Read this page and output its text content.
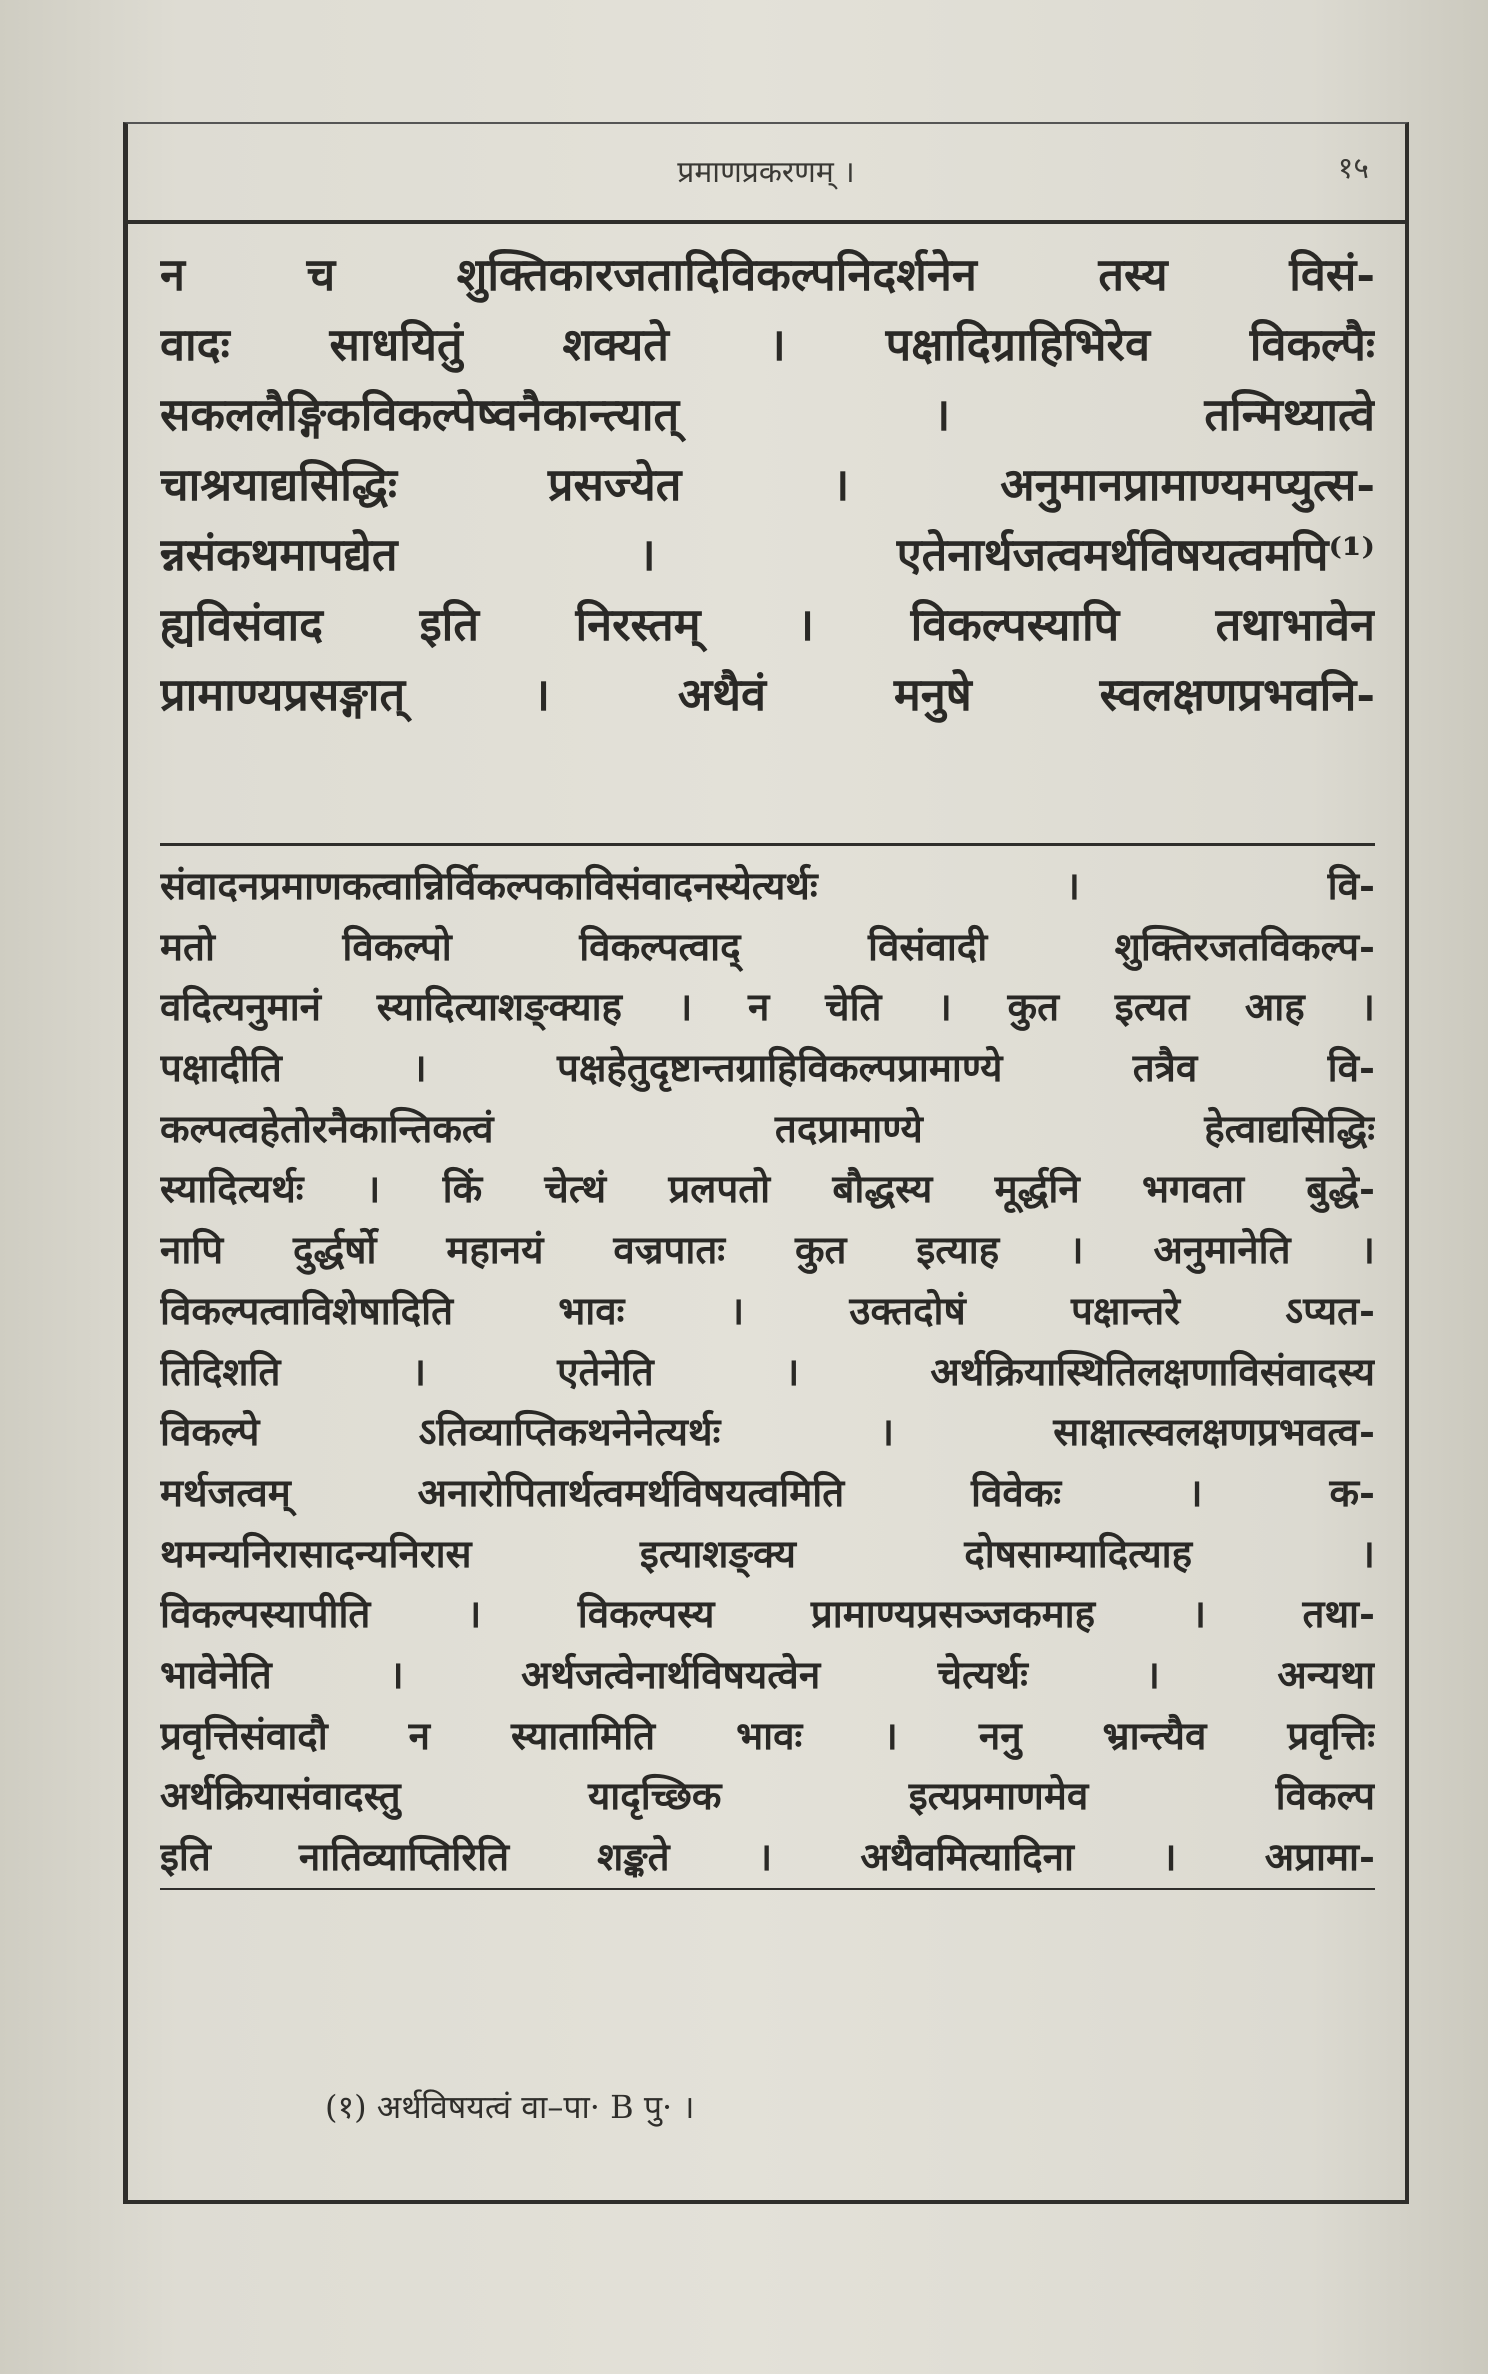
प्रमाणप्रकरणम् ।	१५
न च शुक्तिकारजतादिविकल्पनिदर्शनेन तस्य विसं-
वादः साधयितुं शक्यते । पक्षादिग्राहिभिरेव विकल्पैः
सकललैङ्गिकविकल्पेष्वनैकान्त्यात् । तन्मिथ्यात्वे
चाश्रयाद्यसिद्धिः प्रसज्येत । अनुमानप्रामाण्यमप्युत्स-
न्नसंकथमापद्येत । एतेनार्थजत्वमर्थविषयत्वमपि⁽¹⁾
ह्यविसंवाद इति निरस्तम् । विकल्पस्यापि तथाभावेन
प्रामाण्यप्रसङ्गात् । अथैवं मनुषे स्वलक्षणप्रभवनि-
संवादनप्रमाणकत्वान्निर्विकल्पकाविसंवादनस्येत्यर्थः । वि-
मतो विकल्पो विकल्पत्वाद् विसंवादी शुक्तिरजतविकल्प-
वदित्यनुमानं स्यादित्याशङ्क्याह । न चेति । कुत इत्यत आह ।
पक्षादीति । पक्षहेतुदृष्टान्तग्राहिविकल्पप्रामाण्ये तत्रैव वि-
कल्पत्वहेतोरनैकान्तिकत्वं तदप्रामाण्ये हेत्वाद्यसिद्धिः
स्यादित्यर्थः । किं चेत्थं प्रलपतो बौद्धस्य मूर्द्धनि भगवता बुद्धे-
नापि दुर्द्धर्षो महानयं वज्रपातः कुत इत्याह । अनुमानेति ।
विकल्पत्वाविशेषादिति भावः । उक्तदोषं पक्षान्तरे ऽप्यत-
तिदिशति । एतेनेति । अर्थक्रियास्थितिलक्षणाविसंवादस्य
विकल्पे ऽतिव्याप्तिकथनेनेत्यर्थः । साक्षात्स्वलक्षणप्रभवत्व-
मर्थजत्वम् अनारोपितार्थत्वमर्थविषयत्वमिति विवेकः । क-
थमन्यनिरासादन्यनिरास इत्याशङ्क्य दोषसाम्यादित्याह ।
विकल्पस्यापीति । विकल्पस्य प्रामाण्यप्रसञ्जकमाह । तथा-
भावेनेति । अर्थजत्वेनार्थविषयत्वेन चेत्यर्थः । अन्यथा
प्रवृत्तिसंवादौ न स्यातामिति भावः । ननु भ्रान्त्यैव प्रवृत्तिः
अर्थक्रियासंवादस्तु यादृच्छिक इत्यप्रमाणमेव विकल्प
इति नातिव्याप्तिरिति शङ्कते । अथैवमित्यादिना । अप्रामा-
(१) अर्थविषयत्वं वा–पा· B पु· ।
